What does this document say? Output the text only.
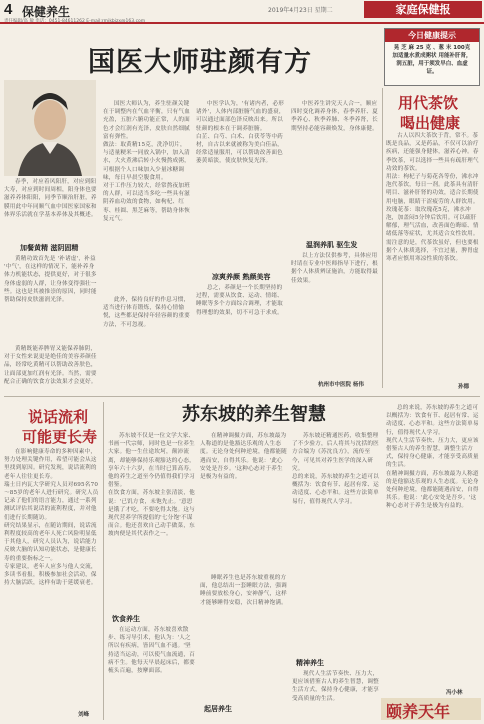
4 保健养生	2019年4月23日 星期二	家庭保健报
国医大师驻颜有方
今日健康提示
晃 芝 麻 25 克 、葱 末 100克加适量水煮成粥状 用能补肝肾，润五脏，用于须发早白、血虚证。
春季，对应着风阳肝，对应到阳大寿，对应到时间周相，阳身体也要滋养养体阳阳，同季节顺治肝脏，养膜用此中年同顺气血中国医家国家和体界乐活就在学基本养体及其概述。
加餐黄精 滋阴固精
黄精功效首先是 '补诸虚'，补益 '中气'，在这样的情况下，能补养身体力机能状态，提供更好，对于很多身体虚弱的人群，让身体变得强壮一些。这也是其被推崇的原因，同时能帮助保持皮肤滋润光泽。
黄精既能养脾胃又能保养肺阴，对于女性来说更是绝佳的美容养颜佳品，经常吃黄精可以帮助改善肤色，让面部更加红润有光泽。当然，需要配合正确的饮食方法效果才会更好。
国医大师认为，养生驻颜关键在于调整内在气血平衡，只有气血充盈，五脏六腑功能正常，人的面色才会红润有光泽，皮肤自然细腻富有弹性。
做法：取黄精15克，洗净切片，与适量粳米一同放入锅中，加入清水，大火煮沸后转小火慢熬成粥，可根据个人口味加入少量冰糖调味，每日早晨空腹食用。
对于工作压力较大，经常熬夜加班的人群，可以适当多吃一些具有滋阴养血功效的食物，如枸杞、红枣、桂圆、黑芝麻等，帮助身体恢复元气。
此外，保持良好的作息习惯，适当进行体育锻炼，保持心情愉悦，这些都是保持年轻容颜的重要方法，不可忽视。
中医学认为，'有诸内者，必形诸外'，人体内部脏腑气血的盛衰，可以通过面部色泽反映出来。所以驻颜的根本在于调养脏腑。
白芷、白芍、白术、白茯苓等中药材，自古以来就被称为美白佳品，经常适量服用，可以帮助改善面色萎黄暗淡，使皮肤恢复光泽。
凉爽养颜 熟颜美容
总之，养颜是一个长期坚持的过程，需要从饮食、运动、情绪、睡眠等多个方面综合调理，才能取得理想的效果，切不可急于求成。
中医养生讲究天人合一，顺应四时变化调养身体，春季养肝、夏季养心、秋季养肺、冬季养肾，长期坚持必能容颜焕发，身体康健。
温润养肌 驱生发
以上方法仅供参考，具体应用时请在专业中医师指导下进行，根据个人体质辨证施治，方能取得最佳效果。
杭州市中医院 杨伟
用代茶饮
喝出健康
古人以四大茶饮于背，常不。茶既是良品，又是药品，不仅可以治疗疾病，还能强身健体，滋养心神。春季饮茶，可以选择一些具有疏肝理气功效的茶饮。
用法：枸杞子与菊花各等份，沸水冲泡代茶饮，每日一剂。此茶具有清肝明目、滋补肝肾的功效，适合长期使用电脑，眼睛干涩疲劳的人群饮用。
玫瑰花茶：取玫瑰花5克，沸水冲泡，加盖闷5分钟后饮用。可以疏肝解郁，理气活血，改善面色晦暗、情绪低落等症状，尤其适合女性饮用。
需注意的是，代茶饮虽好，但也要根据个人体质选择，不宜过量，脾胃虚寒者应慎用寒凉性质的茶饮。
孙德
说话流利
可能更长寿
在影响健康寿命的多种因素中，努力处理关键作用，希望可能会从这里找到原因。研究发现，说话流利的老年人往往更长寿。
瑞士日内瓦大学研究人员对695名70～85岁的老年人进行研究。研究人员记录了他们的语言能力，通过一系列测试评估其说话的流利程度，并对他们进行长期随访。
研究结果显示，在随访期间，说话流利程度较高的老年人死亡风险明显低于其他人，研究人员认为，说话能力反映大脑的认知功能状态，是健康长寿的重要指标之一。
专家建议，老年人应多与他人交流，多读书看报，积极参加社会活动，保持大脑活跃，这样有助于延缓衰老。
刘峰
苏东坡的养生智慧
苏东坡不仅是一位文学大家、书画一代宗师，同时也是一位养生大家。他一生仕途坎坷，颠沛流离，却能够保持乐观豁达的心态，享年六十六岁，在当时已算高寿。他的养生之道至今仍值得我们学习借鉴。
在饮食方面，苏东坡主张清淡，他说：'已饥方食，未饱先止。'意思是饿了才吃，不要吃得太饱。这与现代营养学所提倡的'七分饱'不谋而合。他还喜欢自己动手做菜，东坡肉便是其代表作之一。
饮食养生
在运动方面，苏东坡喜欢散步、练习导引术，他认为：'人之所以有疾病，皆因气血不通。'坚持适当运动，可以使气血流通，百病不生。他每天早晨起床后，都要梳头百遍，按摩面部。
在精神调摄方面，苏东坡最为人称道的是他豁达乐观的人生态度。无论身处何种逆境，他都能随遇而安，自得其乐。他说：'此心安处是吾乡。'这种心态对于养生是极为有益的。
起居养生
睡眠养生也是苏东坡重视的方面，他总结出一套睡眠方法，强调睡前要放松身心，安神静气，这样才能够睡得安稳，次日精神饱满。
苏东坡还精通医药，收集整理了不少验方，后人将其与沈括的医方合编为《苏沈良方》，流传至今，可见其对养生医学的深入研究。
总的来说，苏东坡的养生之道可以概括为：饮食有节、起居有常、运动适度、心态平和。这些方法简单易行，值得现代人学习。
精神养生
现代人生活节奏快、压力大，更应该借鉴古人的养生智慧，调整生活方式，保持身心健康，才能享受高质量的生活。
总的来说，苏东坡的养生之道可以概括为：饮食有节、起居有常、运动适度、心态平和。这些方法简单易行，值得现代人学习。
现代人生活节奏快、压力大，更应该借鉴古人的养生智慧，调整生活方式，保持身心健康，才能享受高质量的生活。
在精神调摄方面，苏东坡最为人称道的是他豁达乐观的人生态度。无论身处何种逆境，他都能随遇而安，自得其乐。他说：'此心安处是吾乡。'这种心态对于养生是极为有益的。
冯小林
颐养天年
